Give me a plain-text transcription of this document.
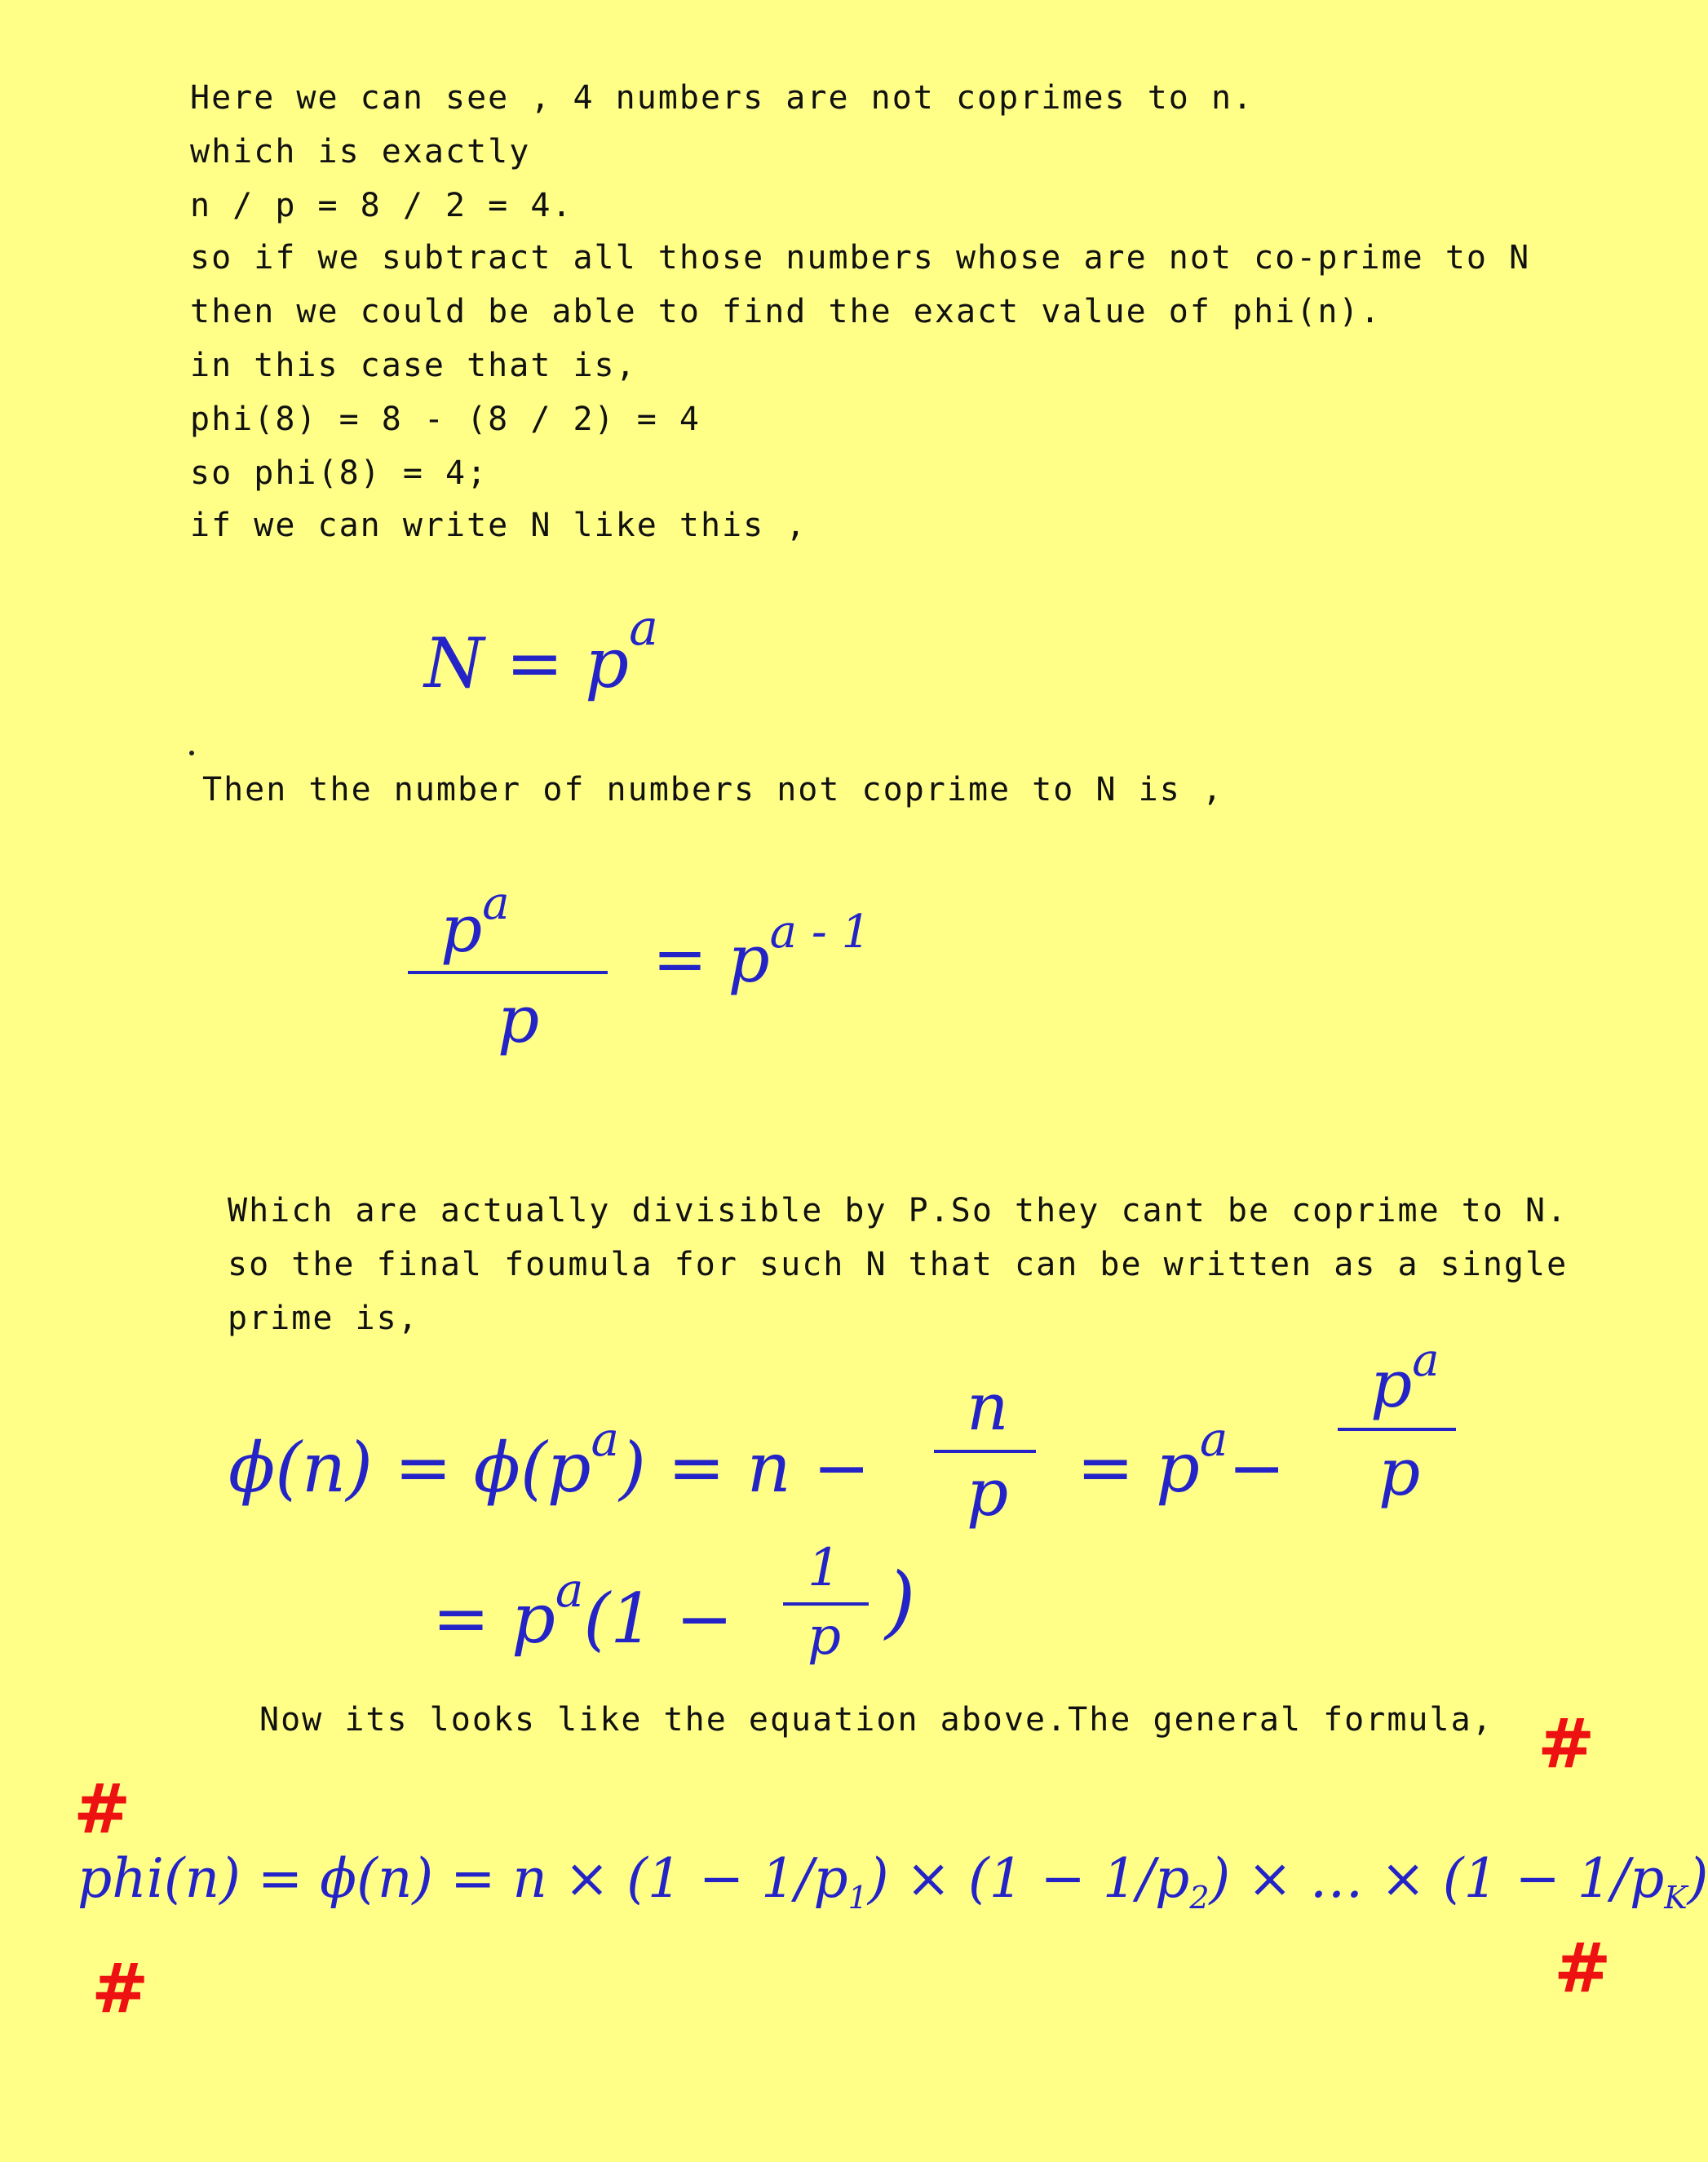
Here we can see , 4 numbers are not coprimes to n.
which is exactly
n / p = 8 / 2 = 4.
so if we subtract all those numbers whose are not co-prime to N
then we could be able to find the exact value of phi(n).
in this case that is,
phi(8) = 8 - (8 / 2) = 4
so phi(8) = 4;
if we can write N like this ,
$N = p^a$
Then the number of numbers not coprime to N is ,
$p^a$
p
= $p^{a - 1}$
Which are actually divisible by P.So they cant be coprime to N.
so the final foumula for such N that can be written as a single
prime is,
$\phi(n) = \phi(p^a) = n$ −
n
$p = p^a-$
$p^a$
p
= $p^a(1$ −
1
p )
Now its looks like the equation above.The general formula,
$phi(n) = \phi(n) = n \times (1 - 1/p_1) \times (1 - 1/p_2)$ × … × $(1 - 1/p_K)$
#
#
#
#
